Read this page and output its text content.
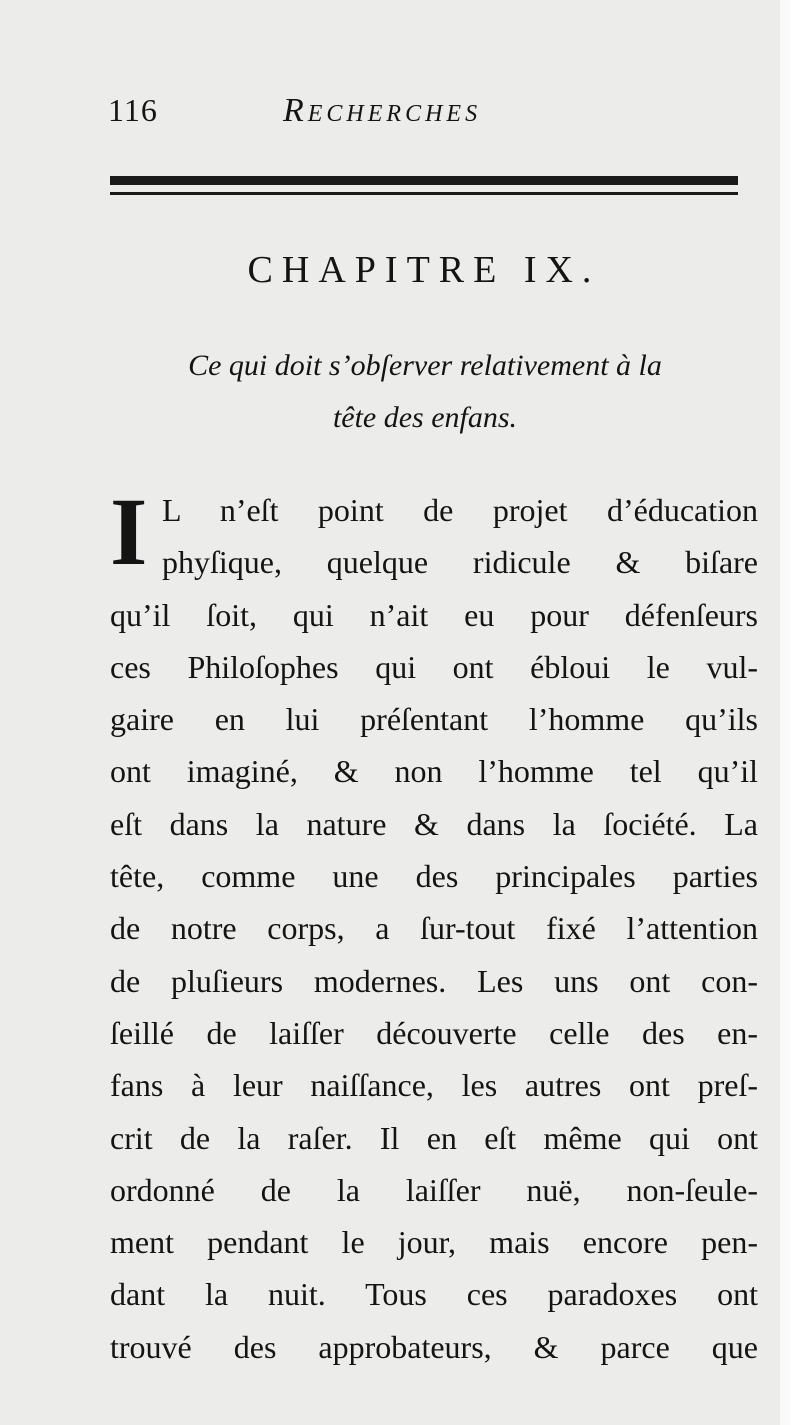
116	Recherches
CHAPITRE IX.
Ce qui doit s’obſerver relativement à la
tête des enfans.
I L n’eſt point de projet d’éducation
phyſique, quelque ridicule & biſare
qu’il ſoit, qui n’ait eu pour défenſeurs
ces Philoſophes qui ont ébloui le vul-
gaire en lui préſentant l’homme qu’ils
ont imaginé, & non l’homme tel qu’il
eſt dans la nature & dans la ſociété. La
tête, comme une des principales parties
de notre corps, a ſur-tout fixé l’attention
de pluſieurs modernes. Les uns ont con-
ſeillé de laiſſer découverte celle des en-
fans à leur naiſſance, les autres ont preſ-
crit de la raſer. Il en eſt même qui ont
ordonné de la laiſſer nuë, non-ſeule-
ment pendant le jour, mais encore pen-
dant la nuit. Tous ces paradoxes ont
trouvé des approbateurs, & parce que
